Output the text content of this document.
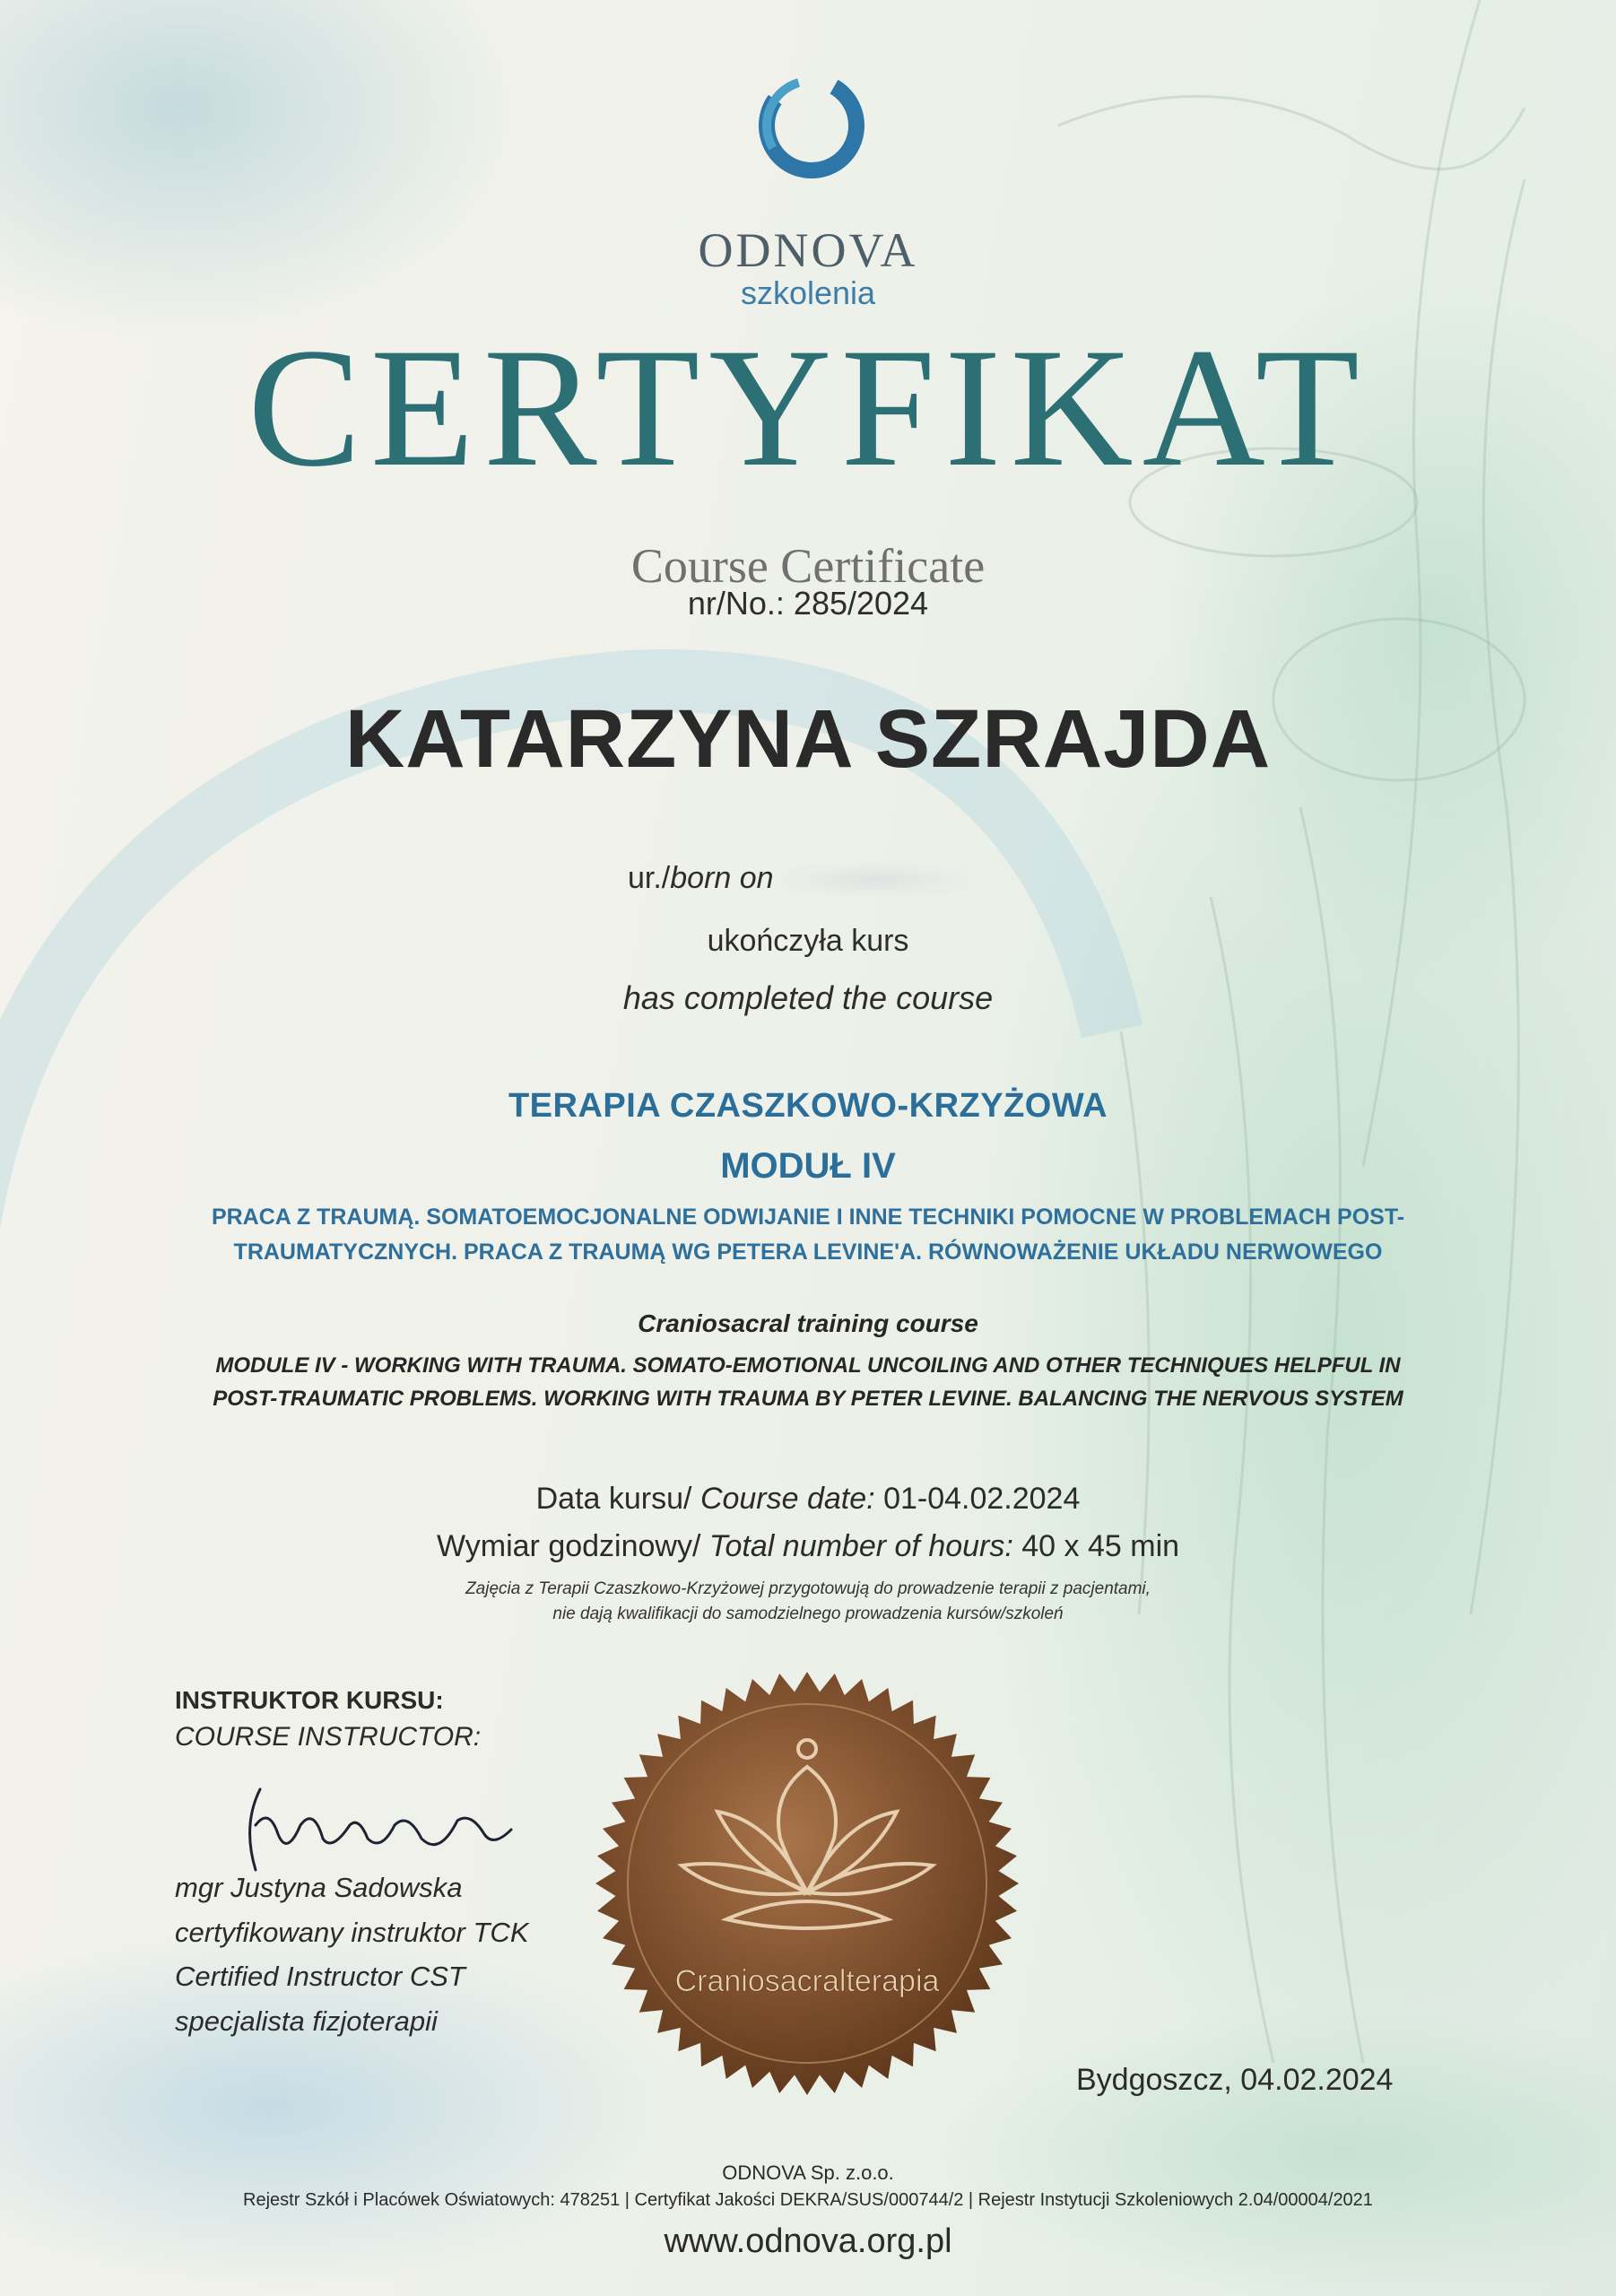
ODNOVA
szkolenia
CERTYFIKAT
Course Certificate
nr/No.: 285/2024
KATARZYNA SZRAJDA
ur./born on
ukończyła kurs
has completed the course
TERAPIA CZASZKOWO-KRZYŻOWA
MODUŁ IV
PRACA Z TRAUMĄ. SOMATOEMOCJONALNE ODWIJANIE I INNE TECHNIKI POMOCNE W PROBLEMACH POST-TRAUMATYCZNYCH. PRACA Z TRAUMĄ WG PETERA LEVINE'A. RÓWNOWAŻENIE UKŁADU NERWOWEGO
Craniosacral training course
MODULE IV - WORKING WITH TRAUMA. SOMATO-EMOTIONAL UNCOILING AND OTHER TECHNIQUES HELPFUL IN POST-TRAUMATIC PROBLEMS. WORKING WITH TRAUMA BY PETER LEVINE. BALANCING THE NERVOUS SYSTEM
Data kursu/ Course date: 01-04.02.2024
Wymiar godzinowy/ Total number of hours: 40 x 45 min
Zajęcia z Terapii Czaszkowo-Krzyżowej przygotowują do prowadzenie terapii z pacjentami,
nie dają kwalifikacji do samodzielnego prowadzenia kursów/szkoleń
INSTRUKTOR KURSU:
COURSE INSTRUCTOR:
mgr Justyna Sadowska
certyfikowany instruktor TCK
Certified Instructor CST
specjalista fizjoterapii
Craniosacralterapia
Bydgoszcz, 04.02.2024
ODNOVA Sp. z.o.o.
Rejestr Szkół i Placówek Oświatowych: 478251 | Certyfikat Jakości DEKRA/SUS/000744/2 | Rejestr Instytucji Szkoleniowych 2.04/00004/2021
www.odnova.org.pl
